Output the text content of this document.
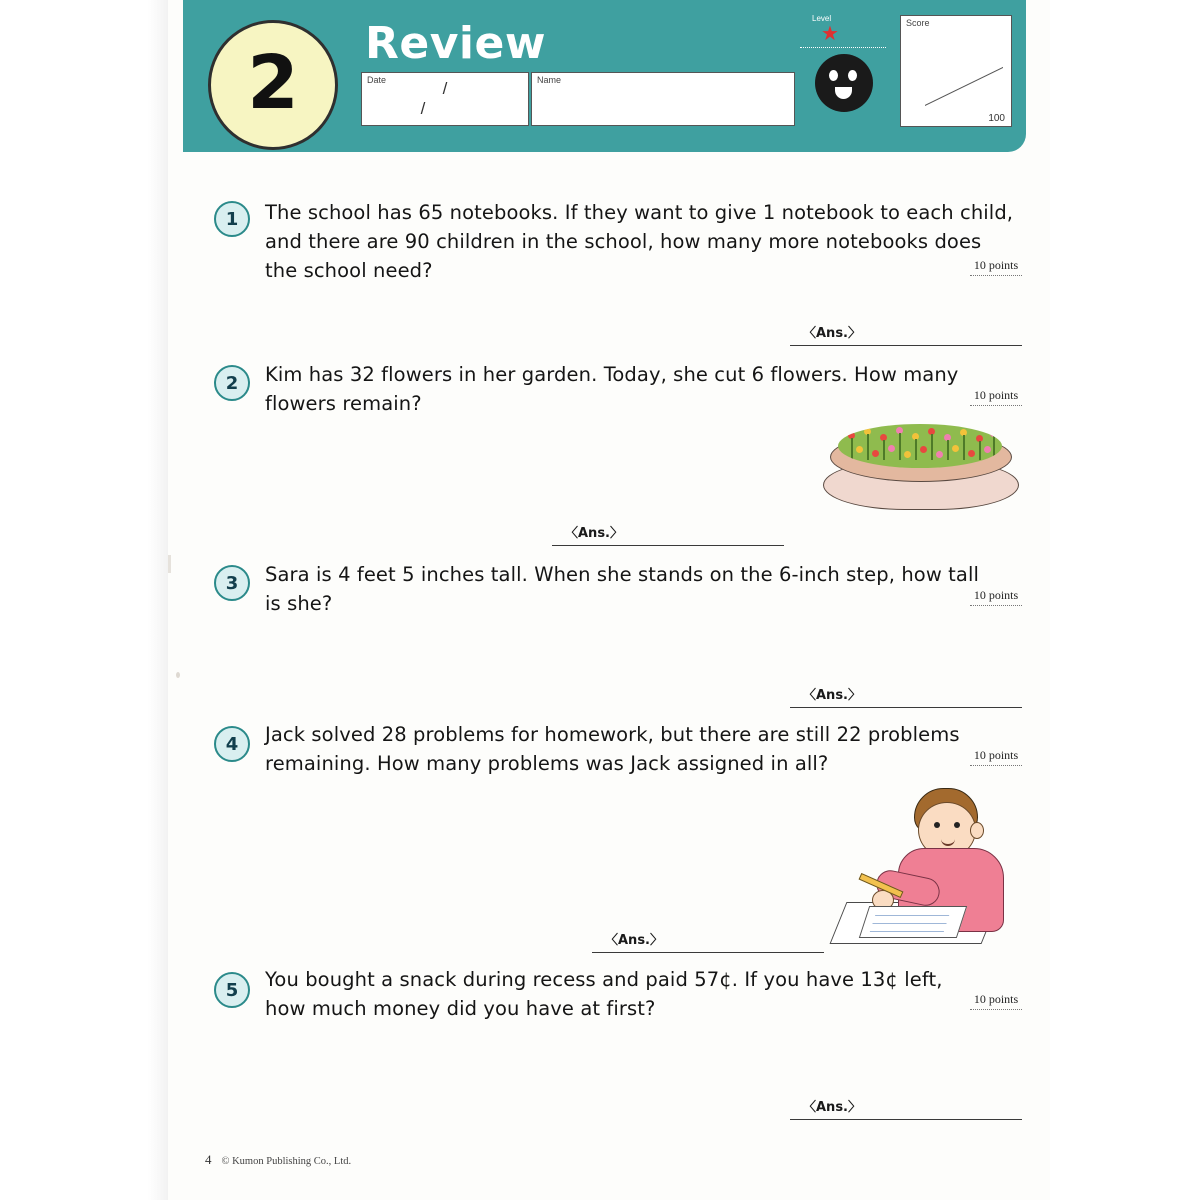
2 Review
Date	/ /
Name
Level
★	Score
100
1	The school has 65 notebooks. If they want to give 1 notebook to each child, and there are 90 children in the school, how many more notebooks does the school need?	10 points
〈Ans.〉
2	Kim has 32 flowers in her garden. Today, she cut 6 flowers. How many flowers remain?	10 points
〈Ans.〉
3	Sara is 4 feet 5 inches tall. When she stands on the 6-inch step, how tall is she?	10 points
〈Ans.〉
4	Jack solved 28 problems for homework, but there are still 22 problems remaining. How many problems was Jack assigned in all?	10 points
〈Ans.〉
5	You bought a snack during recess and paid 57¢. If you have 13¢ left, how much money did you have at first?	10 points
〈Ans.〉
4 © Kumon Publishing Co., Ltd.
